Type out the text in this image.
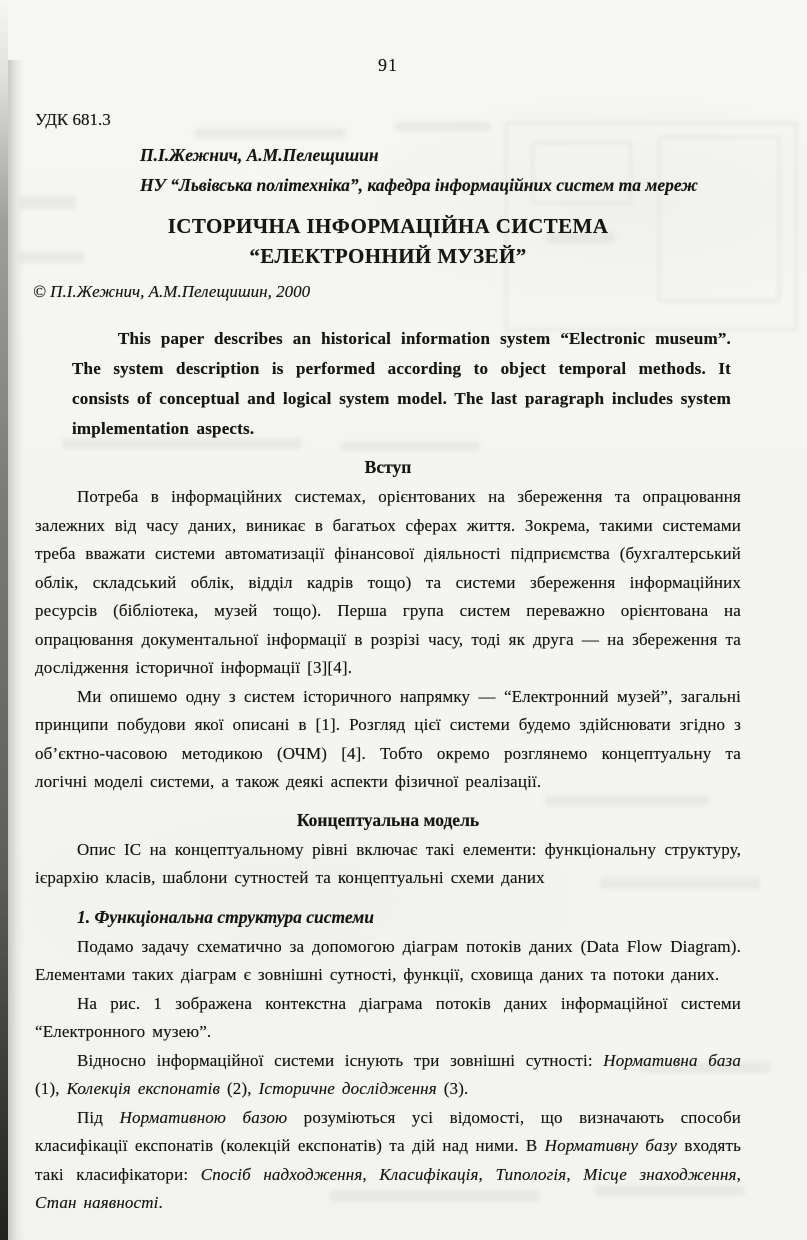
91
УДК 681.3
П.І.Жежнич, А.М.Пелещишин
НУ “Львівська політехніка”, кафедра інформаційних систем та мереж
ІСТОРИЧНА ІНФОРМАЦІЙНА СИСТЕМА
“ЕЛЕКТРОННИЙ МУЗЕЙ”
© П.І.Жежнич, А.М.Пелещишин, 2000
This paper describes an historical information system “Electronic museum”. The system description is performed according to object temporal methods. It consists of conceptual and logical system model. The last paragraph includes system implementation aspects.
Вступ

Потреба в інформаційних системах, орієнтованих на збереження та опрацювання залежних від часу даних, виникає в багатьох сферах життя. Зокрема, такими системами треба вважати системи автоматизації фінансової діяльності підприємства (бухгалтерський облік, складський облік, відділ кадрів тощо) та системи збереження інформаційних ресурсів (бібліотека, музей тощо). Перша група систем переважно орієнтована на опрацювання документальної інформації в розрізі часу, тоді як друга — на збереження та дослідження історичної інформації [3][4].

Ми опишемо одну з систем історичного напрямку — “Електронний музей”, загальні принципи побудови якої описані в [1]. Розгляд цієї системи будемо здійснювати згідно з об’єктно-часовою методикою (ОЧМ) [4]. Тобто окремо розглянемо концептуальну та логічні моделі системи, а також деякі аспекти фізичної реалізації.

Концептуальна модель

Опис ІС на концептуальному рівні включає такі елементи: функціональну структуру, ієрархію класів, шаблони сутностей та концептуальні схеми даних

1. Функціональна структура системи

Подамо задачу схематично за допомогою діаграм потоків даних (Data Flow Diagram). Елементами таких діаграм є зовнішні сутності, функції, сховища даних та потоки даних.

На рис. 1 зображена контекстна діаграма потоків даних інформаційної системи “Електронного музею”.

Відносно інформаційної системи існують три зовнішні сутності: Нормативна база (1), Колекція експонатів (2), Історичне дослідження (3).

Під Нормативною базою розуміються усі відомості, що визначають способи класифікації експонатів (колекцій експонатів) та дій над ними. В Нормативну базу входять такі класифікатори: Спосіб надходження, Класифікація, Типологія, Місце знаходження, Стан наявності.
